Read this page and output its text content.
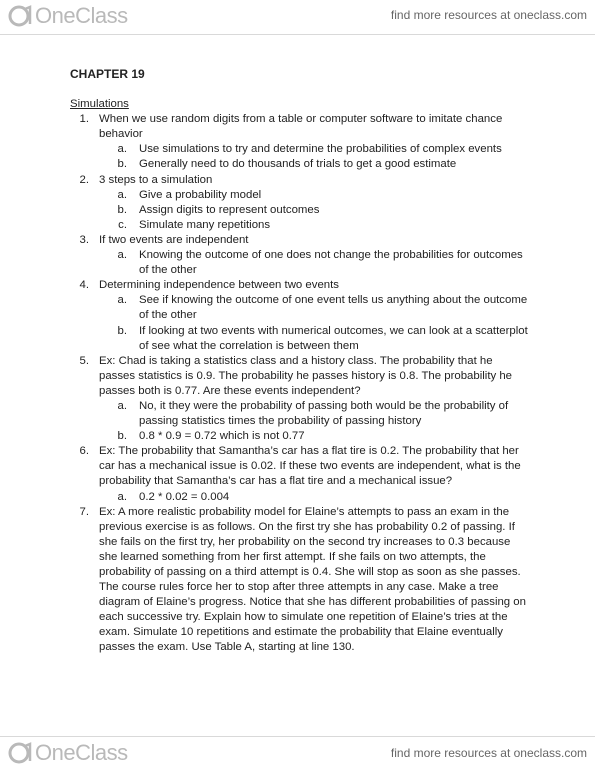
OneClass	find more resources at oneclass.com
CHAPTER 19
Simulations
1. When we use random digits from a table or computer software to imitate chance behavior
a.	Use simulations to try and determine the probabilities of complex events
b.	Generally need to do thousands of trials to get a good estimate
2. 3 steps to a simulation
a.	Give a probability model
b.	Assign digits to represent outcomes
c.	Simulate many repetitions
3. If two events are independent
a.	Knowing the outcome of one does not change the probabilities for outcomes of the other
4. Determining independence between two events
a.	See if knowing the outcome of one event tells us anything about the outcome of the other
b.	If looking at two events with numerical outcomes, we can look at a scatterplot of see what the correlation is between them
5. Ex: Chad is taking a statistics class and a history class. The probability that he passes statistics is 0.9. The probability he passes history is 0.8. The probability he passes both is 0.77. Are these events independent?
a.	No, it they were the probability of passing both would be the probability of passing statistics times the probability of passing history
b.	0.8 * 0.9 = 0.72 which is not 0.77
6. Ex: The probability that Samantha’s car has a flat tire is 0.2. The probability that her car has a mechanical issue is 0.02. If these two events are independent, what is the probability that Samantha’s car has a flat tire and a mechanical issue?
a.	0.2 * 0.02 = 0.004
7. Ex: A more realistic probability model for Elaine’s attempts to pass an exam in the previous exercise is as follows. On the first try she has probability 0.2 of passing. If she fails on the first try, her probability on the second try increases to 0.3 because she learned something from her first attempt. If she fails on two attempts, the probability of passing on a third attempt is 0.4. She will stop as soon as she passes. The course rules force her to stop after three attempts in any case. Make a tree diagram of Elaine’s progress. Notice that she has different probabilities of passing on each successive try. Explain how to simulate one repetition of Elaine’s tries at the exam. Simulate 10 repetitions and estimate the probability that Elaine eventually passes the exam. Use Table A, starting at line 130.
OneClass	find more resources at oneclass.com
